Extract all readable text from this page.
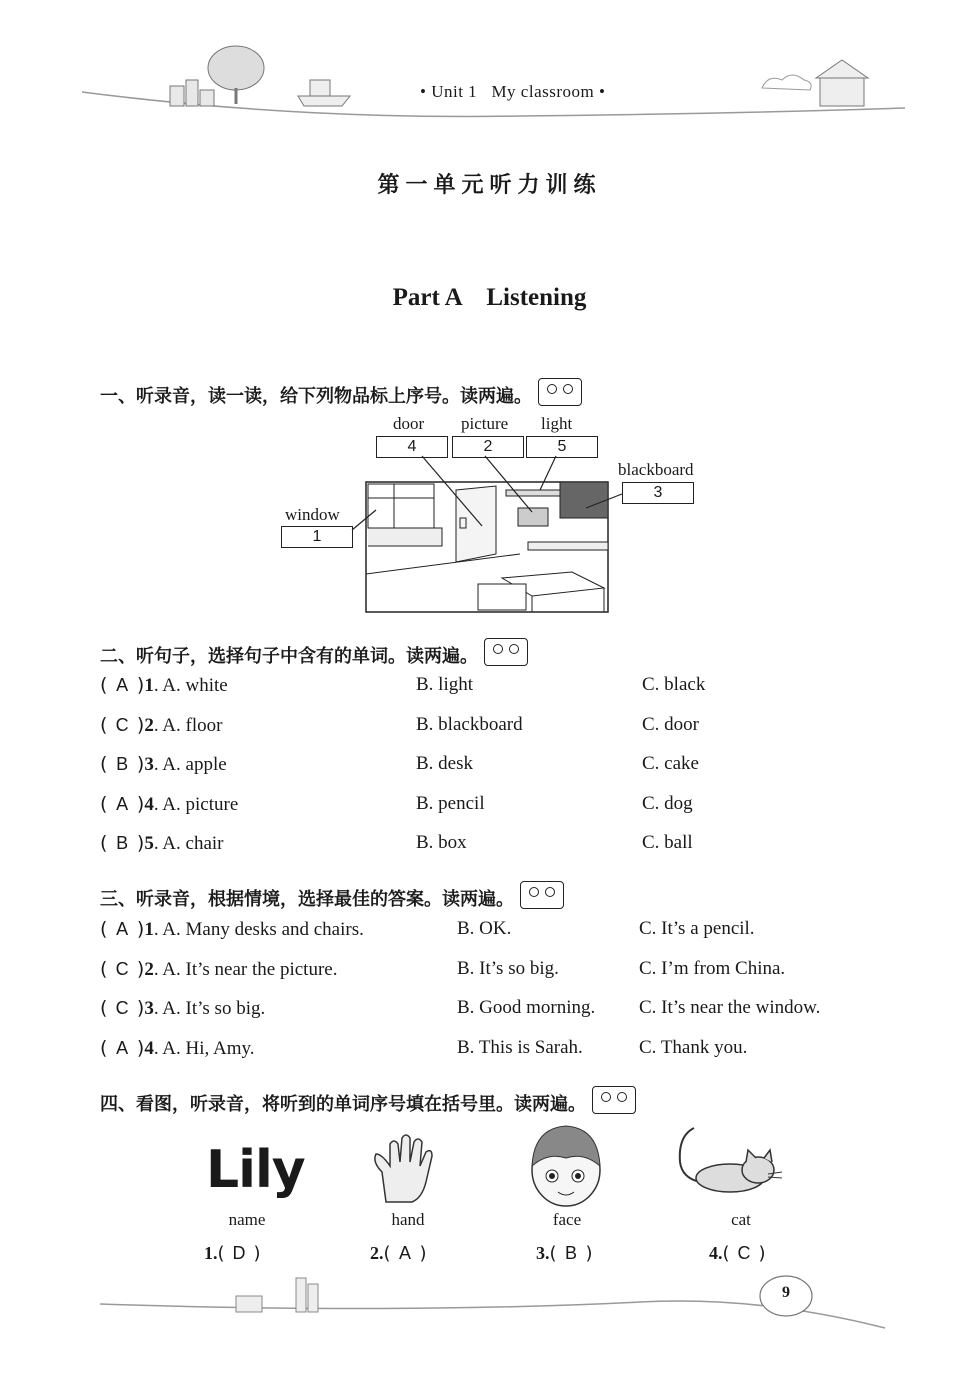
• Unit 1 My classroom •
第一单元听力训练
Part A    Listening
一、听录音，读一读，给下列物品标上序号。读两遍。
door picture light
blackboard
window
4	2	5
3
1
二、听句子，选择句子中含有的单词。读两遍。
( A )1. A. white	B. light	C. black
( C )2. A. floor	B. blackboard	C. door
( B )3. A. apple	B. desk	C. cake
( A )4. A. picture	B. pencil	C. dog
( B )5. A. chair	B. box	C. ball
三、听录音，根据情境，选择最佳的答案。读两遍。
( A )1. A. Many desks and chairs.	B. OK.	C. It’s a pencil.
( C )2. A. It’s near the picture.	B. It’s so big.	C. I’m from China.
( C )3. A. It’s so big.	B. Good morning. C. It’s near the window.
( A )4. A. Hi, Amy.	B. This is Sarah.	C. Thank you.
四、看图，听录音，将听到的单词序号填在括号里。读两遍。
Lily
name	hand	face	cat
1.( D )	2.( A )	3.( B )	4.( C )
9
